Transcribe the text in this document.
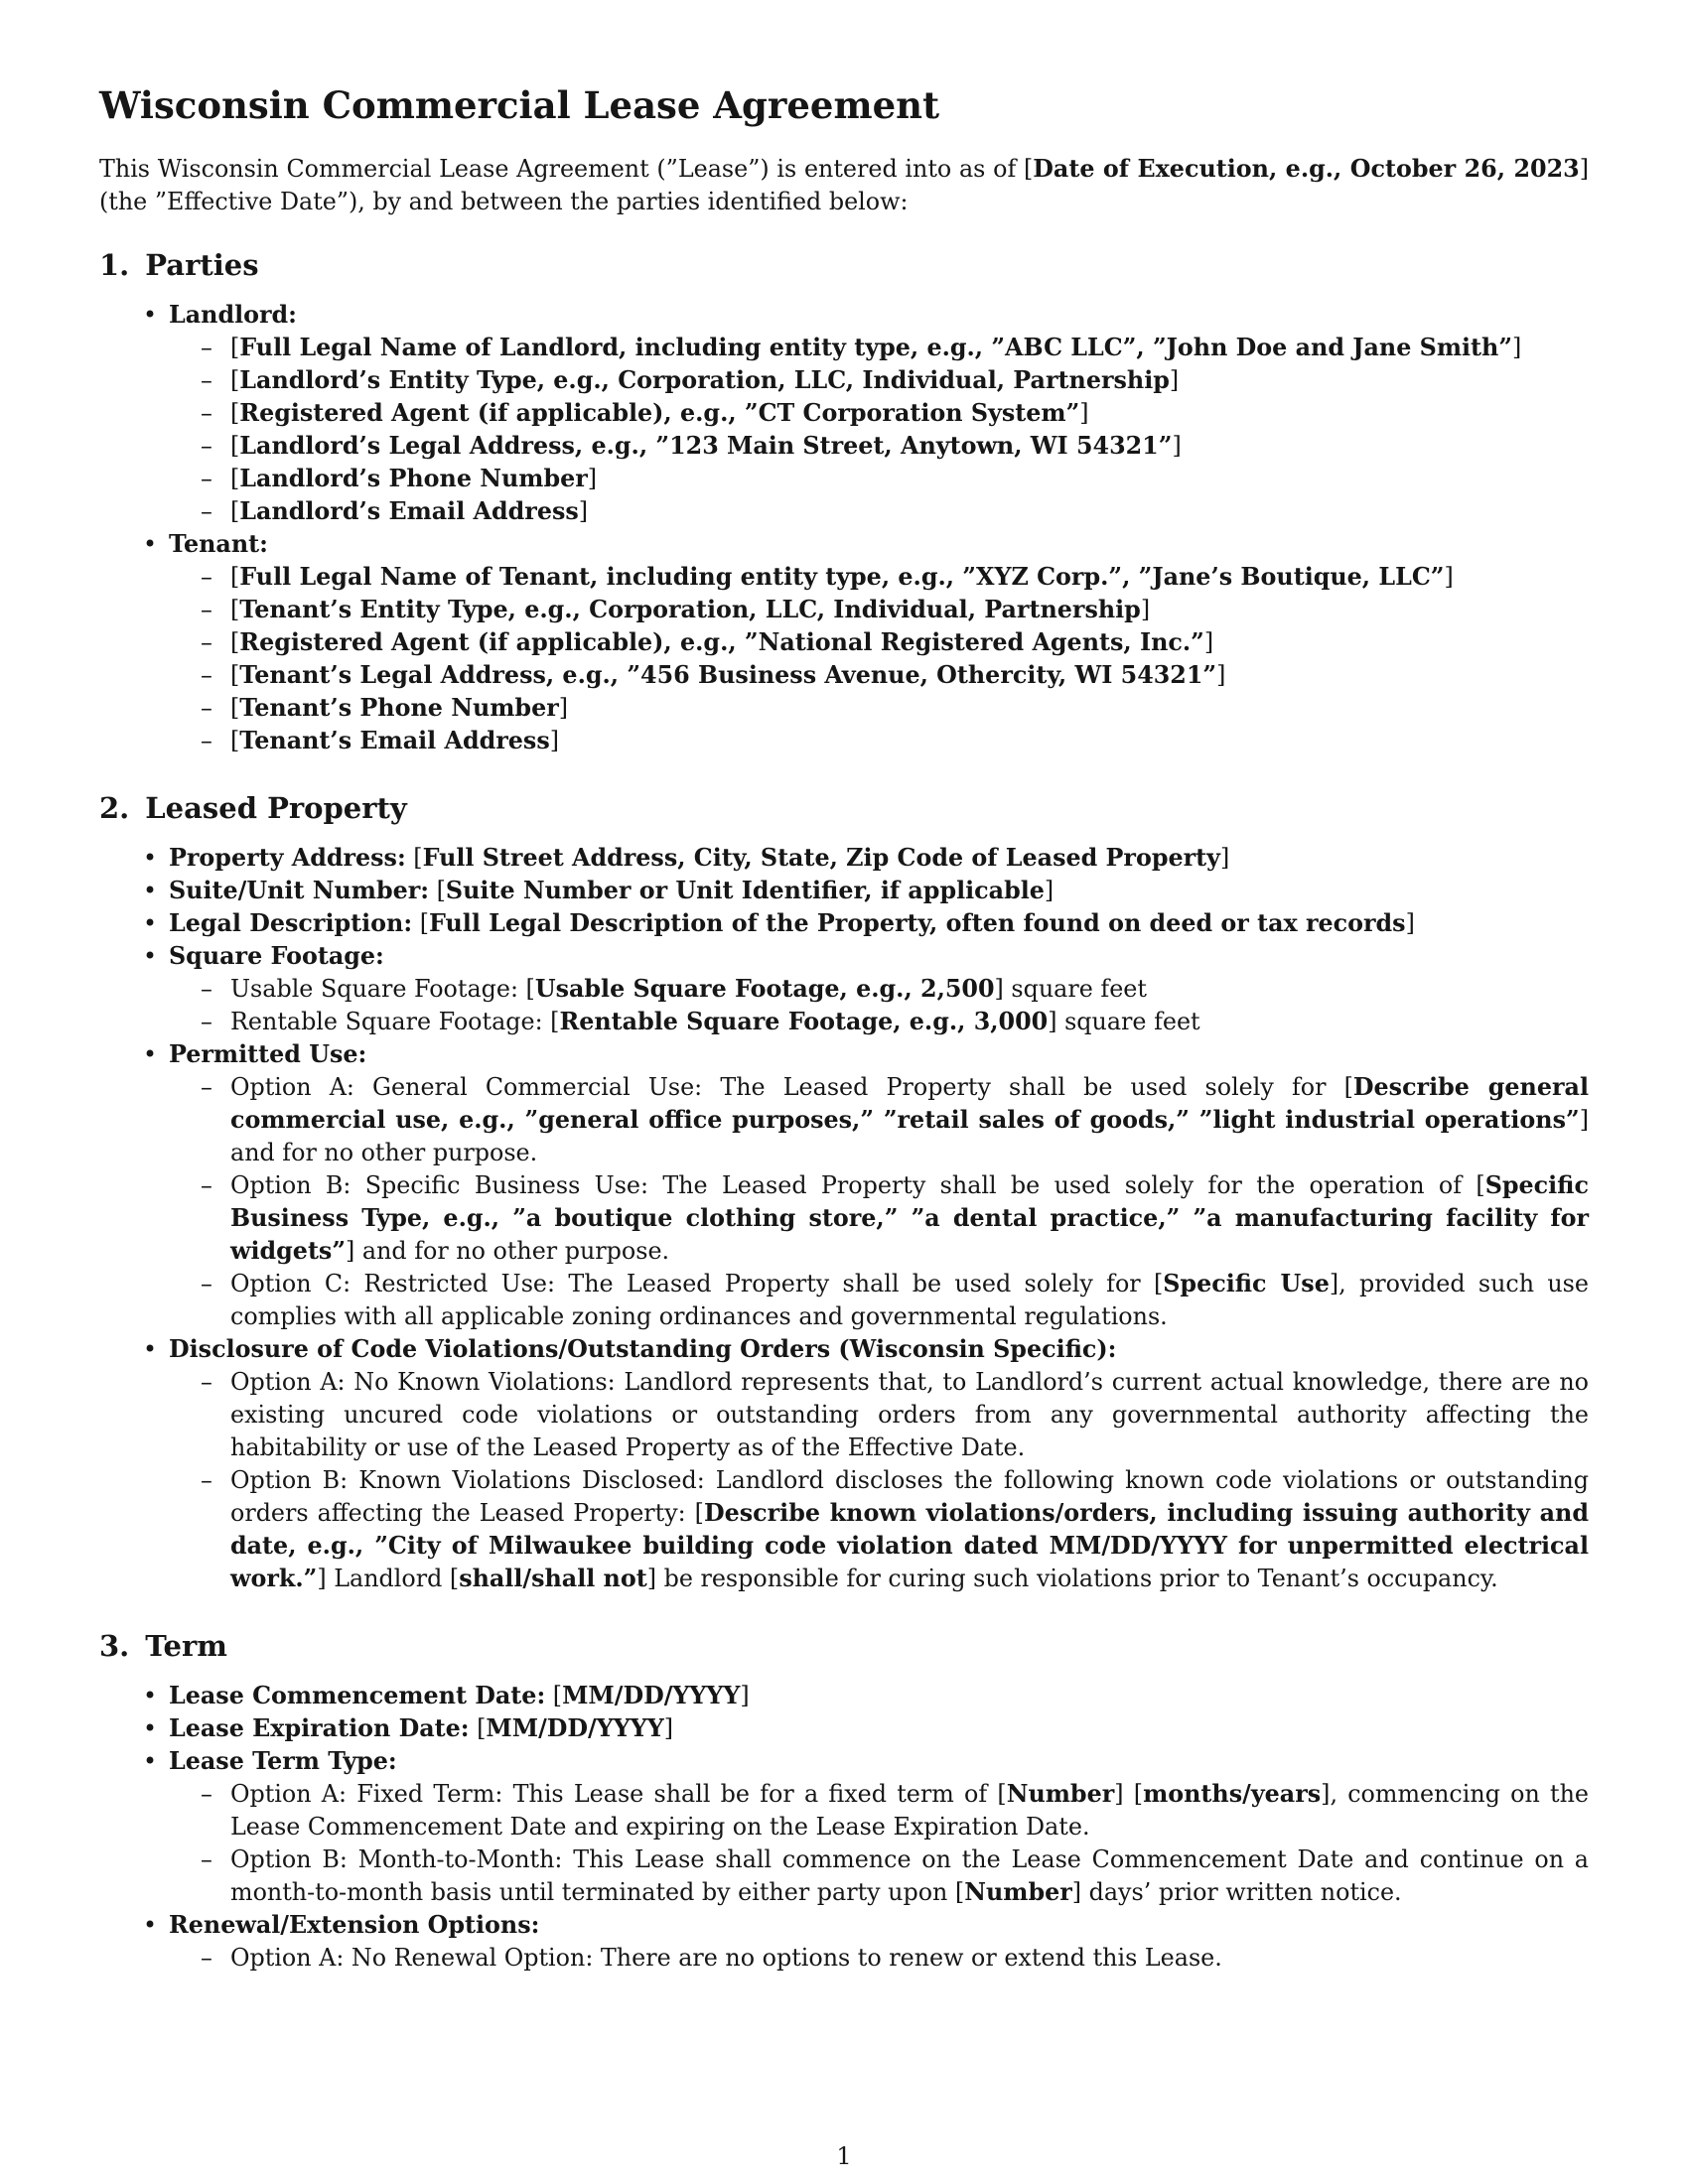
Wisconsin Commercial Lease Agreement

This Wisconsin Commercial Lease Agreement (”Lease”) is entered into as of [Date of Execution, e.g., October 26, 2023] (the ”Effective Date”), by and between the parties identified below:

1. Parties
• Landlord:
– [Full Legal Name of Landlord, including entity type, e.g., ”ABC LLC”, ”John Doe and Jane Smith”]
– [Landlord’s Entity Type, e.g., Corporation, LLC, Individual, Partnership]
– [Registered Agent (if applicable), e.g., ”CT Corporation System”]
– [Landlord’s Legal Address, e.g., ”123 Main Street, Anytown, WI 54321”]
– [Landlord’s Phone Number]
– [Landlord’s Email Address]
• Tenant:
– [Full Legal Name of Tenant, including entity type, e.g., ”XYZ Corp.”, ”Jane’s Boutique, LLC”]
– [Tenant’s Entity Type, e.g., Corporation, LLC, Individual, Partnership]
– [Registered Agent (if applicable), e.g., ”National Registered Agents, Inc.”]
– [Tenant’s Legal Address, e.g., ”456 Business Avenue, Othercity, WI 54321”]
– [Tenant’s Phone Number]
– [Tenant’s Email Address]
2. Leased Property
• Property Address: [Full Street Address, City, State, Zip Code of Leased Property]
• Suite/Unit Number: [Suite Number or Unit Identifier, if applicable]
• Legal Description: [Full Legal Description of the Property, often found on deed or tax records]
• Square Footage:
– Usable Square Footage: [Usable Square Footage, e.g., 2,500] square feet
– Rentable Square Footage: [Rentable Square Footage, e.g., 3,000] square feet
• Permitted Use:
– Option A: General Commercial Use: The Leased Property shall be used solely for [Describe general commercial use, e.g., ”general office purposes,” ”retail sales of goods,” ”light industrial operations”] and for no other purpose.
– Option B: Specific Business Use: The Leased Property shall be used solely for the operation of [Specific Business Type, e.g., ”a boutique clothing store,” ”a dental practice,” ”a manufacturing facility for widgets”] and for no other purpose.
– Option C: Restricted Use: The Leased Property shall be used solely for [Specific Use], provided such use complies with all applicable zoning ordinances and governmental regulations.
• Disclosure of Code Violations/Outstanding Orders (Wisconsin Specific):
– Option A: No Known Violations: Landlord represents that, to Landlord’s current actual knowledge, there are no existing uncured code violations or outstanding orders from any governmental authority affecting the habitability or use of the Leased Property as of the Effective Date.
– Option B: Known Violations Disclosed: Landlord discloses the following known code violations or outstanding orders affecting the Leased Property: [Describe known violations/orders, including issuing authority and date, e.g., ”City of Milwaukee building code violation dated MM/DD/YYYY for unpermitted electrical work.”] Landlord [shall/shall not] be responsible for curing such violations prior to Tenant’s occupancy.
3. Term
• Lease Commencement Date: [MM/DD/YYYY]
• Lease Expiration Date: [MM/DD/YYYY]
• Lease Term Type:
– Option A: Fixed Term: This Lease shall be for a fixed term of [Number] [months/years], commencing on the Lease Commencement Date and expiring on the Lease Expiration Date.
– Option B: Month-to-Month: This Lease shall commence on the Lease Commencement Date and continue on a month-to-month basis until terminated by either party upon [Number] days’ prior written notice.
• Renewal/Extension Options:
– Option A: No Renewal Option: There are no options to renew or extend this Lease.
1
